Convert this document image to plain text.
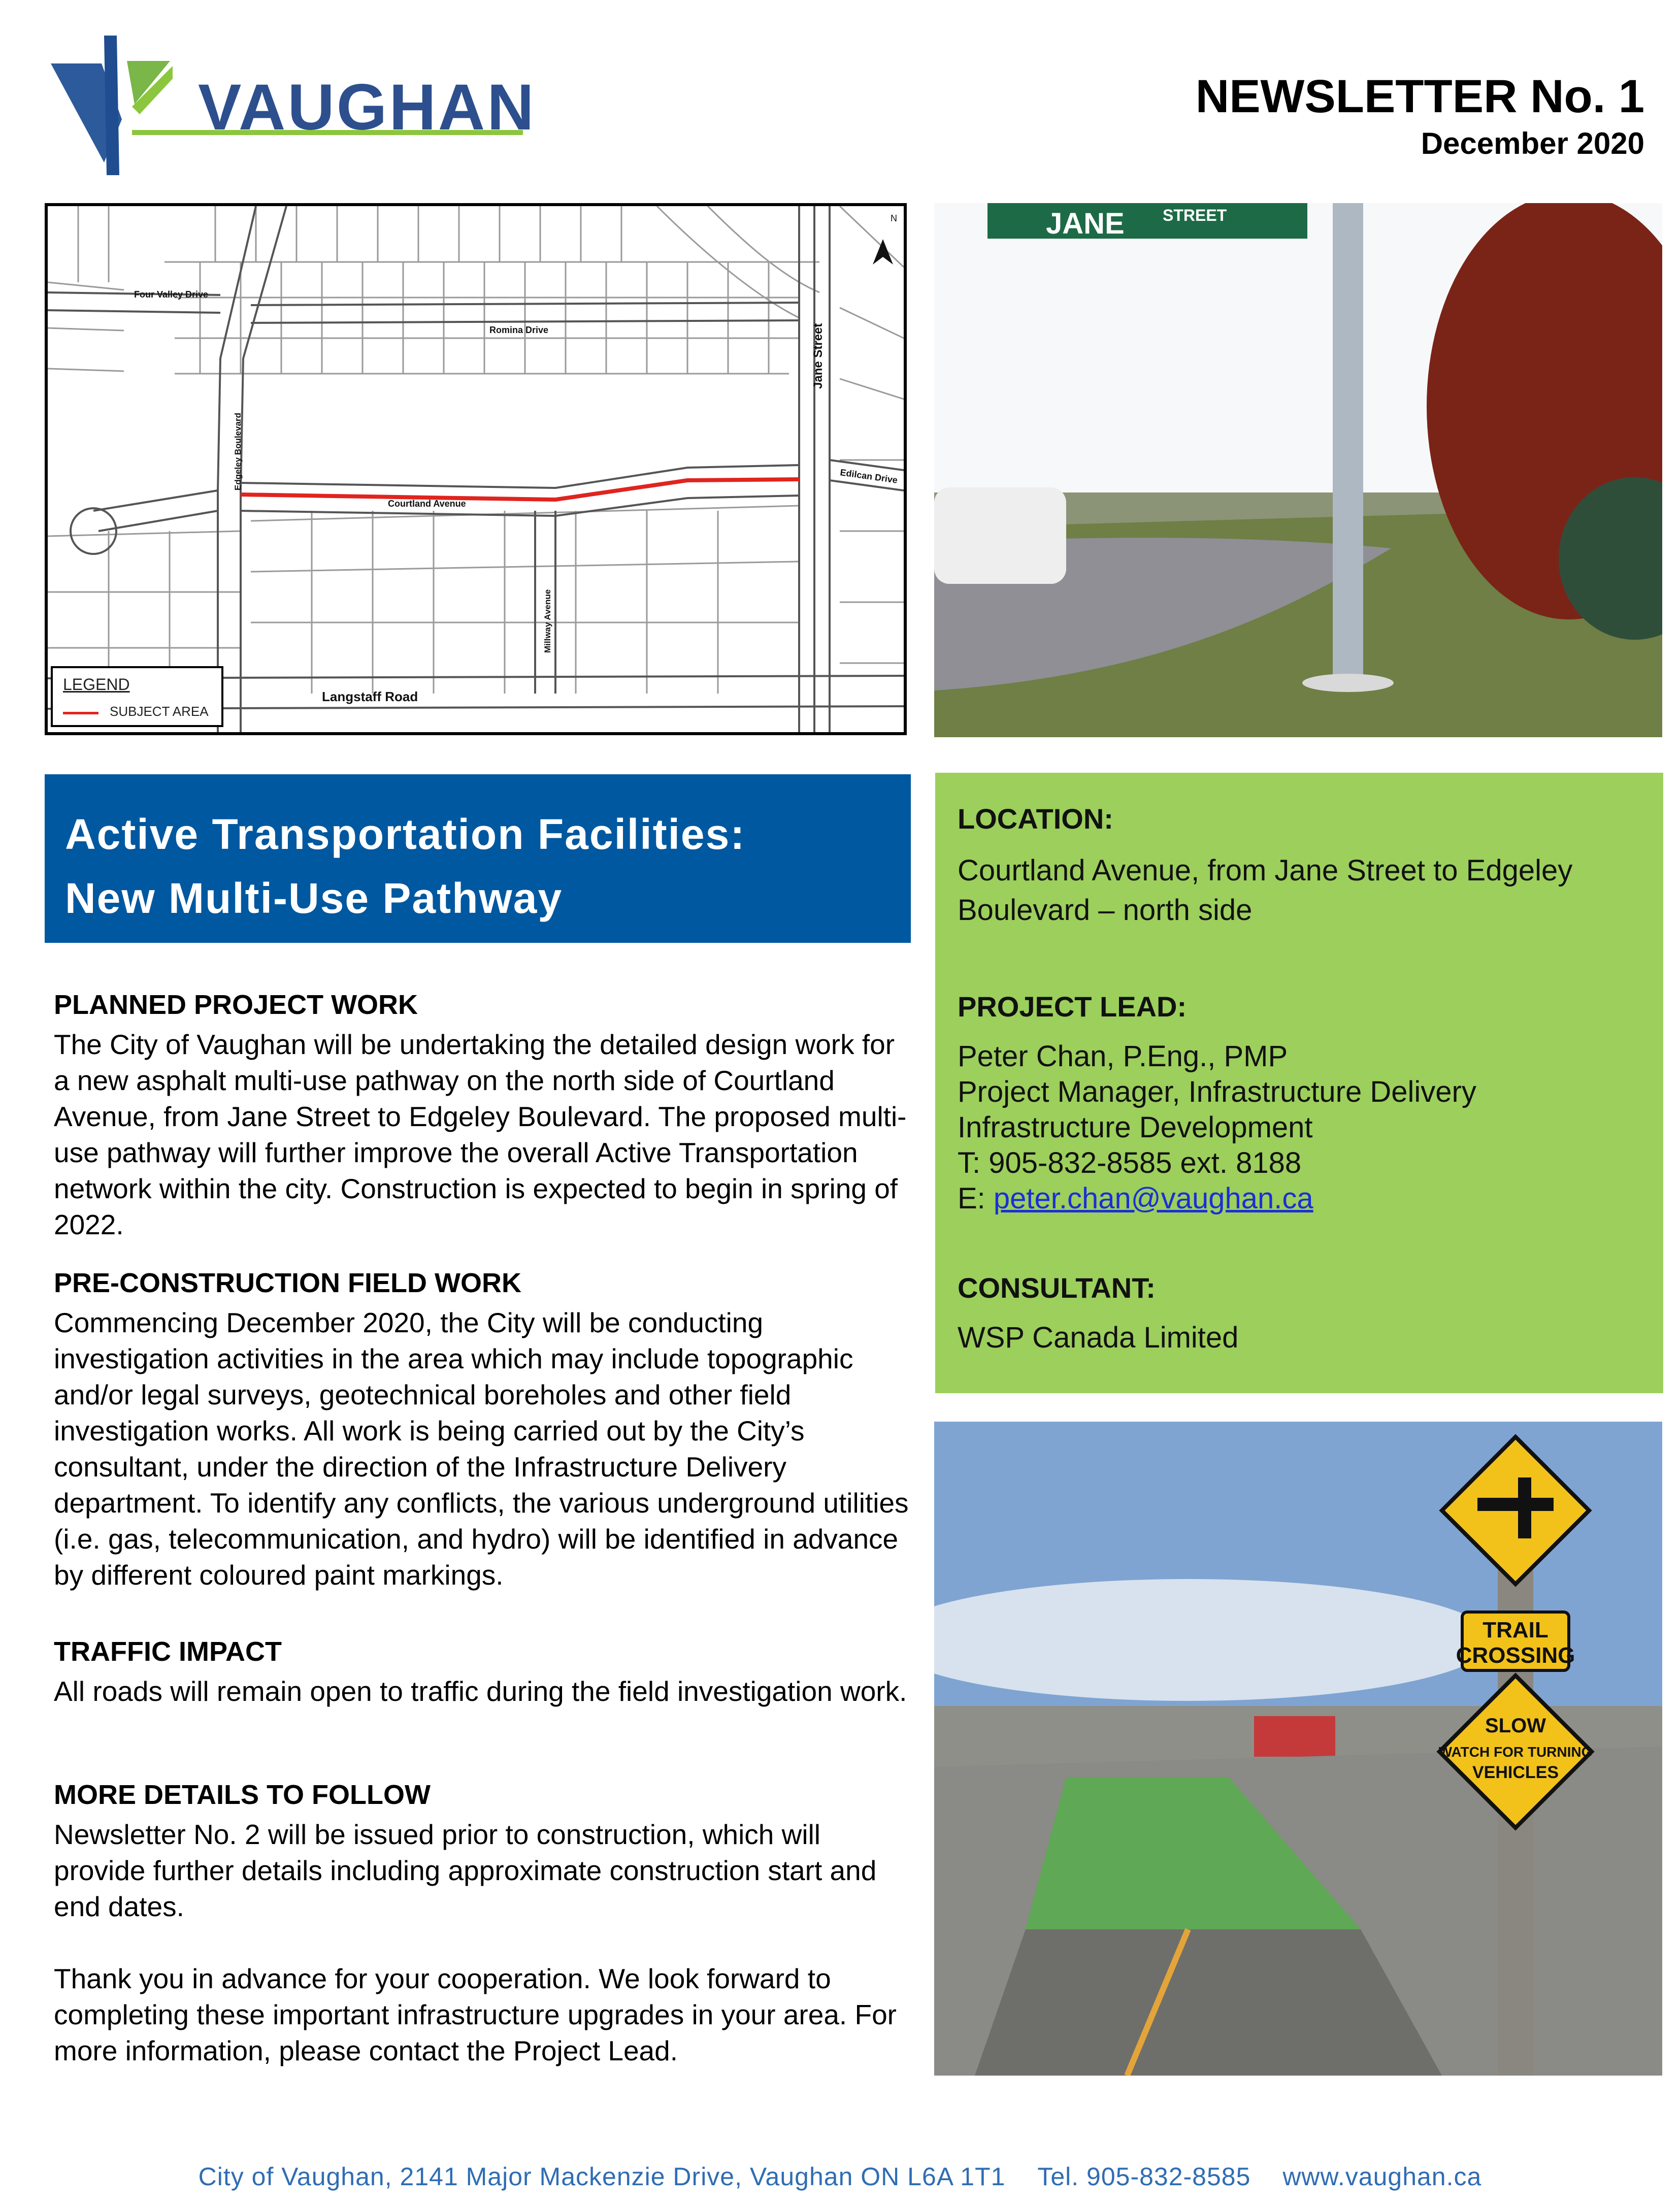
VAUGHAN	NEWSLETTER No. 1
December 2020
Four Valley Drive
Romina Drive
Courtland Avenue
Edilcan Drive
Edgeley Boulevard
Millway Avenue
Jane Street
Langstaff Road
N
LEGEND
SUBJECT AREA
JANE STREET
Active Transportation Facilities:
New Multi-Use Pathway
LOCATION:
Courtland Avenue, from Jane Street to Edgeley Boulevard – north side
PROJECT LEAD:
Peter Chan, P.Eng., PMP
Project Manager, Infrastructure Delivery
Infrastructure Development
T: 905-832-8585 ext. 8188
E: peter.chan@vaughan.ca
CONSULTANT:
WSP Canada Limited
TRAIL
CROSSING
SLOW
WATCH FOR TURNING
VEHICLES
PLANNED PROJECT WORK
The City of Vaughan will be undertaking the detailed design work for a new asphalt multi-use pathway on the north side of Courtland Avenue, from Jane Street to Edgeley Boulevard. The proposed multi-use pathway will further improve the overall Active Transportation network within the city. Construction is expected to begin in spring of 2022.
PRE-CONSTRUCTION FIELD WORK
Commencing December 2020, the City will be conducting investigation activities in the area which may include topographic and/or legal surveys, geotechnical boreholes and other field investigation works. All work is being carried out by the City’s consultant, under the direction of the Infrastructure Delivery department. To identify any conflicts, the various underground utilities (i.e. gas, telecommunication, and hydro) will be identified in advance by different coloured paint markings.
TRAFFIC IMPACT
All roads will remain open to traffic during the field investigation work.
MORE DETAILS TO FOLLOW
Newsletter No. 2 will be issued prior to construction, which will provide further details including approximate construction start and end dates.
Thank you in advance for your cooperation. We look forward to completing these important infrastructure upgrades in your area. For more information, please contact the Project Lead.
City of Vaughan, 2141 Major Mackenzie Drive, Vaughan ON L6A 1T1 Tel. 905-832-8585 www.vaughan.ca
